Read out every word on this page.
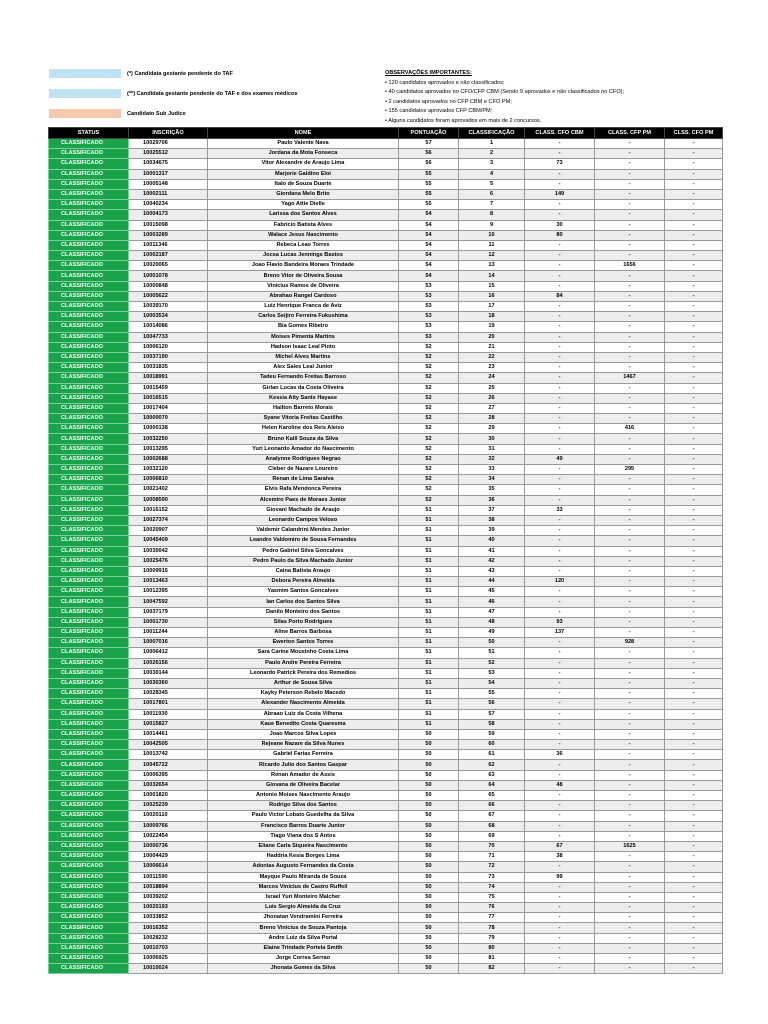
(*) Candidata gestante pendente do TAF
(**) Candidata gestante pendente do TAF e dos exames médicos
Candidato Sub Judice
OBSERVAÇÕES IMPORTANTES:
• 120 candidatos aprovados e não classificados;
• 40 candidatos aprovados no CFO/CFP CBM (Sendo 9 aprovados e não classificados no CFO);
• 2 candidatos aprovados no CFP CBM e CFO PM;
• 155 candidatos aprovados CFP CBM/PM;
• Alguns candidatos foram aprovados em mais de 2 concursos.
STATUS	INSCRIÇÃO	NOME	PONTUAÇÃO	CLASSIFICAÇÃO	CLASS. CFO CBM	CLASS. CFP PM	CLSS. CFO PM
CLASSIFICADO	10029706	Paulo Valente Nava	57	1	-	-	-
CLASSIFICADO	10025512	Jordana da Mota Fonseca	56	2	-	-	-
CLASSIFICADO	10034675	Vitor Alexandre de Araujo Lima	56	3	73	-	-
CLASSIFICADO	10001317	Marjorie Galdino Eloi	55	4	-	-	-
CLASSIFICADO	10005148	Italo de Souza Duarte	55	5	-	-	-
CLASSIFICADO	10002111	Giordana Melo Brito	55	6	149	-	-
CLASSIFICADO	10040234	Yago Attie Dielle	55	7	-	-	-
CLASSIFICADO	10004173	Larissa dos Santos Alves	54	8	-	-	-
CLASSIFICADO	10015098	Fabricio Batista Alves	54	9	30	-	-
CLASSIFICADO	10003289	Walace Jesus Nascimento	54	10	80	-	-
CLASSIFICADO	10011346	Rebeca Leao Torres	54	11	-	-	-
CLASSIFICADO	10002187	Jocsa Lucas Jennings Bastos	54	12	-	-	-
CLASSIFICADO	10020065	Joao Flavio Bandeira Moraes Trindade	54	13	-	1656	-
CLASSIFICADO	10001078	Breno Vitor de Oliveira Sousa	54	14	-	-	-
CLASSIFICADO	10000848	Vinicius Ramos de Oliveira	53	15	-	-	-
CLASSIFICADO	10005622	Abrahao Rangel Cardoso	53	16	84	-	-
CLASSIFICADO	10039170	Luiz Henrique Franca de Aviz	53	17	-	-	-
CLASSIFICADO	10003534	Carlos Seijiro Ferreira Fukushima	53	18	-	-	-
CLASSIFICADO	10014086	Bia Gomes Ribeiro	53	19	-	-	-
CLASSIFICADO	10047733	Moises Pimenta Martins	53	20	-	-	-
CLASSIFICADO	10006120	Hadson Isaac Leal Pinto	52	21	-	-	-
CLASSIFICADO	10037190	Michel Alves Martins	52	22	-	-	-
CLASSIFICADO	10031835	Alex Sales Leal Junior	52	23	-	-	-
CLASSIFICADO	10018991	Tadeu Fernando Freitas Barroso	52	24	-	1467	-
CLASSIFICADO	10015459	Girlan Lucas da Costa Oliveira	52	25	-	-	-
CLASSIFICADO	10016515	Kessia Aity Sants Hayase	52	26	-	-	-
CLASSIFICADO	10017404	Hailton Barreto Morais	52	27	-	-	-
CLASSIFICADO	10000070	Syane Vitoria Freitas Castilho	52	28	-	-	-
CLASSIFICADO	10000138	Helen Karoline dos Reis Aleixo	52	29	-	416	-
CLASSIFICADO	10032250	Bruno Kalil Souza da Silva	52	30	-	-	-
CLASSIFICADO	10013295	Yuri Leonardo Amador do Nascimento	52	31	-	-	-
CLASSIFICADO	10002688	Analynne Rodrigues Negrao	52	32	49	-	-
CLASSIFICADO	10032120	Cleber de Nazare Loureiro	52	33	-	295	-
CLASSIFICADO	10006810	Renan de Lima Saraiva	52	34	-	-	-
CLASSIFICADO	10021402	Elvis Rafa Mendonca Pereira	52	35	-	-	-
CLASSIFICADO	10008590	Alcemiro Paes de Moraes Junior	52	36	-	-	-
CLASSIFICADO	10016152	Giovani Machado de Araujo	51	37	33	-	-
CLASSIFICADO	10027374	Leonardo Campos Veloso	51	38	-	-	-
CLASSIFICADO	10020907	Valdemir Calandrini Mendes Junior	51	39	-	-	-
CLASSIFICADO	10045409	Leandro Valdomiro de Sousa Fernandes	51	40	-	-	-
CLASSIFICADO	10030042	Pedro Gabriel Silva Goncalves	51	41	-	-	-
CLASSIFICADO	10025476	Pedro Paulo da Silva Machado Junior	51	42	-	-	-
CLASSIFICADO	10009915	Caina Batista Araujo	51	43	-	-	-
CLASSIFICADO	10013463	Debora Pereira Almeida	51	44	120	-	-
CLASSIFICADO	10012395	Yasmim Santos Goncalves	51	45	-	-	-
CLASSIFICADO	10047592	Ian Carlos dos Santos Silva	51	46	-	-	-
CLASSIFICADO	10037179	Danilo Monteiro dos Santos	51	47	-	-	-
CLASSIFICADO	10001730	Silas Porto Rodrigues	51	48	93	-	-
CLASSIFICADO	10011244	Aline Barros Barbosa	51	49	137	-	-
CLASSIFICADO	10007016	Ewerton Santos Torres	51	50	-	928	-
CLASSIFICADO	10006412	Sara Carine Mousinho Costa Lima	51	51	-	-	-
CLASSIFICADO	10026156	Paulo Andre Pereira Ferreira	51	52	-	-	-
CLASSIFICADO	10030144	Leonardo Patrick Pereira dos Remedios	51	53	-	-	-
CLASSIFICADO	10030360	Arthur de Sousa Silva	51	54	-	-	-
CLASSIFICADO	10028345	Kayky Peterson Rebelo Macedo	51	55	-	-	-
CLASSIFICADO	10017801	Alexander Nascimento Almeida	51	56	-	-	-
CLASSIFICADO	10011930	Abraao Luiz da Costa Vilhena	51	57	-	-	-
CLASSIFICADO	10015827	Kaue Benedito Costa Quaresma	51	58	-	-	-
CLASSIFICADO	10014461	Joao Marcos Silva Lopes	50	59	-	-	-
CLASSIFICADO	10042505	Rejeane Nazare da Silva Nunes	50	60	-	-	-
CLASSIFICADO	10013742	Gabriel Farias Ferreira	50	61	36	-	-
CLASSIFICADO	10045722	Ricardo Julio dos Santos Gaspar	50	62	-	-	-
CLASSIFICADO	10006395	Renan Amador de Assis	50	63	-	-	-
CLASSIFICADO	10032654	Giovana de Oliveira Bacelar	50	64	48	-	-
CLASSIFICADO	10001820	Antonio Moises Nascimento Araujo	50	65	-	-	-
CLASSIFICADO	10025239	Rodrigo Silva dos Santos	50	66	-	-	-
CLASSIFICADO	10020110	Paulo Victor Lobato Guedelha da Silva	50	67	-	-	-
CLASSIFICADO	10009766	Francisco Barros Duarte Junior	50	68	-	-	-
CLASSIFICADO	10022454	Tiago Viana dos S Antos	50	69	-	-	-
CLASSIFICADO	10000736	Eliane Carla Siqueira Nascimento	50	70	67	1625	-
CLASSIFICADO	10004429	Haddria Kesia Borges Lima	50	71	38	-	-
CLASSIFICADO	10006614	Adonias Augusto Fernandes da Costa	50	72	-	-	-
CLASSIFICADO	10011590	Mayque Paulo Miranda de Souza	50	73	99	-	-
CLASSIFICADO	10018894	Marcos Vinicius de Castro Ruffeil	50	74	-	-	-
CLASSIFICADO	10039202	Israel Yuri Monteiro Malcher	50	75	-	-	-
CLASSIFICADO	10020193	Luis Sergio Almeida da Cruz	50	76	-	-	-
CLASSIFICADO	10033852	Jhonatan Vendramini Ferreira	50	77	-	-	-
CLASSIFICADO	10016352	Breno Vinicius de Souza Pantoja	50	78	-	-	-
CLASSIFICADO	10028232	Andre Luiz da Silva Portal	50	79	-	-	-
CLASSIFICADO	10010703	Elaine Trindade Portela Smith	50	80	-	-	-
CLASSIFICADO	10006925	Jorge Correa Serrao	50	81	-	-	-
CLASSIFICADO	10010024	Jhonata Gomes da Silva	50	82	-	-	-
